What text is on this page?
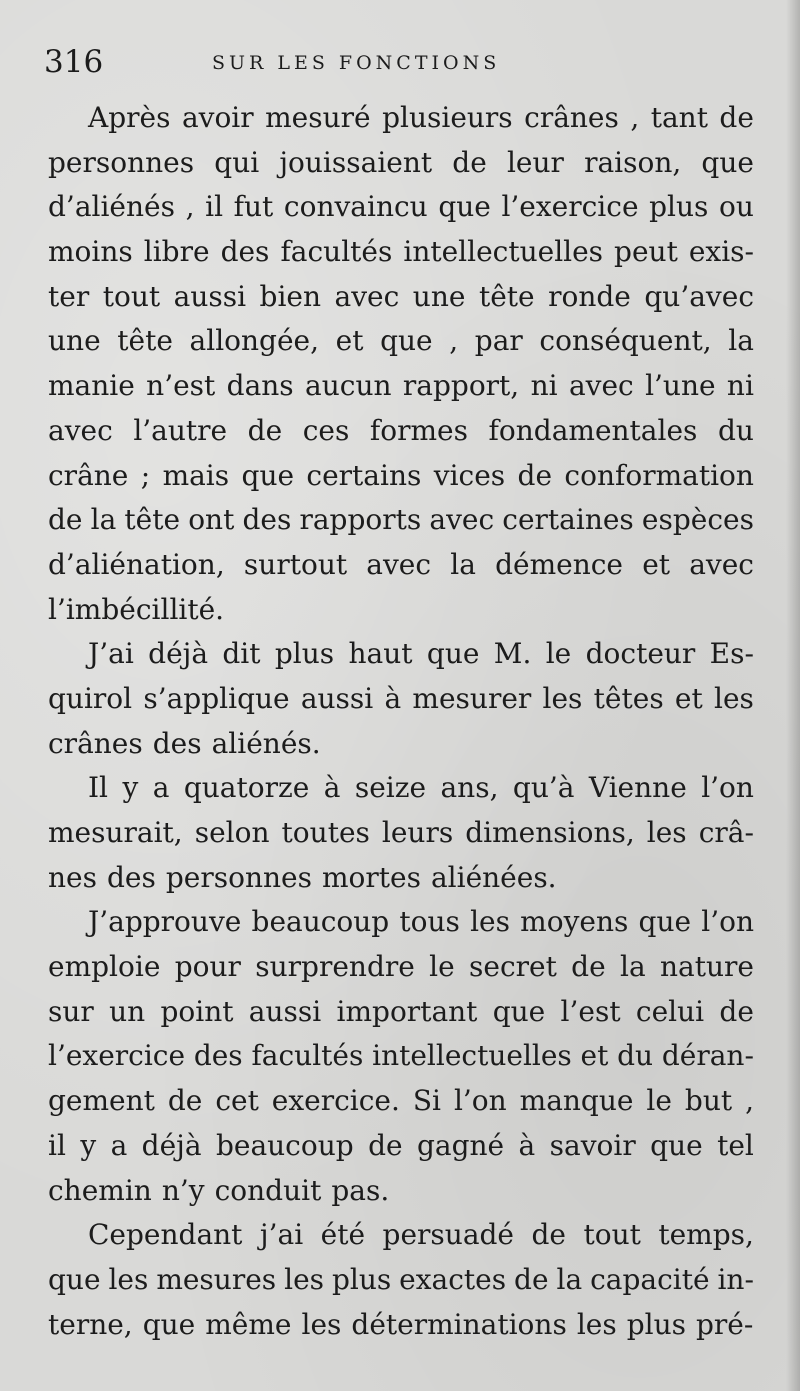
316	SUR LES FONCTIONS
Après avoir mesuré plusieurs crânes , tant de
personnes qui jouissaient de leur raison, que
d’aliénés , il fut convaincu que l’exercice plus ou
moins libre des facultés intellectuelles peut exis-
ter tout aussi bien avec une tête ronde qu’avec
une tête allongée, et que , par conséquent, la
manie n’est dans aucun rapport, ni avec l’une ni
avec l’autre de ces formes fondamentales du
crâne ; mais que certains vices de conformation
de la tête ont des rapports avec certaines espèces
d’aliénation, surtout avec la démence et avec
l’imbécillité.
J’ai déjà dit plus haut que M. le docteur Es-
quirol s’applique aussi à mesurer les têtes et les
crânes des aliénés.
Il y a quatorze à seize ans, qu’à Vienne l’on
mesurait, selon toutes leurs dimensions, les crâ-
nes des personnes mortes aliénées.
J’approuve beaucoup tous les moyens que l’on
emploie pour surprendre le secret de la nature
sur un point aussi important que l’est celui de
l’exercice des facultés intellectuelles et du déran-
gement de cet exercice. Si l’on manque le but ,
il y a déjà beaucoup de gagné à savoir que tel
chemin n’y conduit pas.
Cependant j’ai été persuadé de tout temps,
que les mesures les plus exactes de la capacité in-
terne, que même les déterminations les plus pré-
